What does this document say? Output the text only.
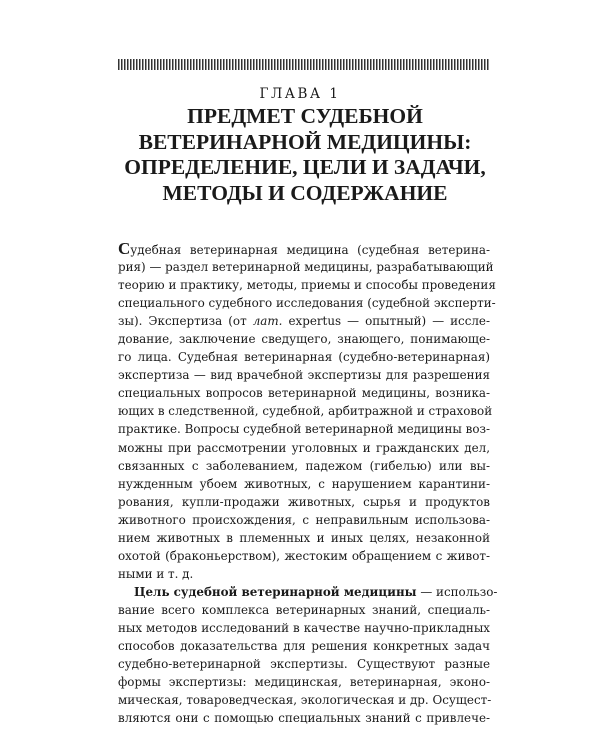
ГЛАВА 1
ПРЕДМЕТ СУДЕБНОЙ
ВЕТЕРИНАРНОЙ МЕДИЦИНЫ:
ОПРЕДЕЛЕНИЕ, ЦЕЛИ И ЗАДАЧИ,
МЕТОДЫ И СОДЕРЖАНИЕ
Судебная ветеринарная медицина (судебная ветерина-
рия) — раздел ветеринарной медицины, разрабатывающий
теорию и практику, методы, приемы и способы проведения
специального судебного исследования (судебной эксперти-
зы). Экспертиза (от лат. expertus — опытный) — иссле-
дование, заключение сведущего, знающего, понимающе-
го лица. Судебная ветеринарная (судебно-ветеринарная)
экспертиза — вид врачебной экспертизы для разрешения
специальных вопросов ветеринарной медицины, возника-
ющих в следственной, судебной, арбитражной и страховой
практике. Вопросы судебной ветеринарной медицины воз-
можны при рассмотрении уголовных и гражданских дел,
связанных с заболеванием, падежом (гибелью) или вы-
нужденным убоем животных, с нарушением карантини-
рования, купли-продажи животных, сырья и продуктов
животного происхождения, с неправильным использова-
нием животных в племенных и иных целях, незаконной
охотой (браконьерством), жестоким обращением с живот-
ными и т. д.
Цель судебной ветеринарной медицины — использо-
вание всего комплекса ветеринарных знаний, специаль-
ных методов исследований в качестве научно-прикладных
способов доказательства для решения конкретных задач
судебно-ветеринарной экспертизы. Существуют разные
формы экспертизы: медицинская, ветеринарная, эконо-
мическая, товароведческая, экологическая и др. Осущест-
вляются они с помощью специальных знаний с привлече-
